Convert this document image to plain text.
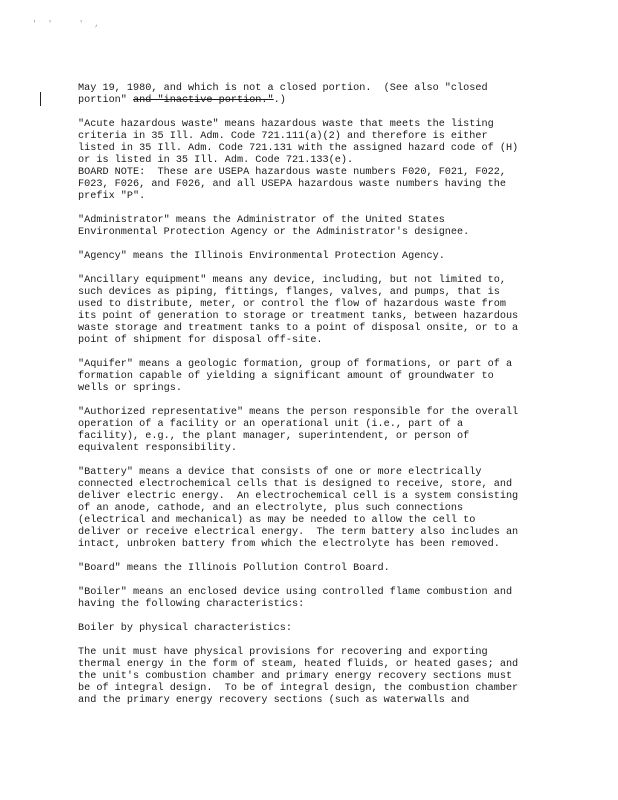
' '   ' ,
May 19, 1980, and which is not a closed portion.  (See also "closed
portion" and "inactive portion.".)
"Acute hazardous waste" means hazardous waste that meets the listing
criteria in 35 Ill. Adm. Code 721.111(a)(2) and therefore is either
listed in 35 Ill. Adm. Code 721.131 with the assigned hazard code of (H)
or is listed in 35 Ill. Adm. Code 721.133(e).
BOARD NOTE:  These are USEPA hazardous waste numbers F020, F021, F022,
F023, F026, and F026, and all USEPA hazardous waste numbers having the
prefix "P".
"Administrator" means the Administrator of the United States
Environmental Protection Agency or the Administrator's designee.
"Agency" means the Illinois Environmental Protection Agency.
"Ancillary equipment" means any device, including, but not limited to,
such devices as piping, fittings, flanges, valves, and pumps, that is
used to distribute, meter, or control the flow of hazardous waste from
its point of generation to storage or treatment tanks, between hazardous
waste storage and treatment tanks to a point of disposal onsite, or to a
point of shipment for disposal off-site.
"Aquifer" means a geologic formation, group of formations, or part of a
formation capable of yielding a significant amount of groundwater to
wells or springs.
"Authorized representative" means the person responsible for the overall
operation of a facility or an operational unit (i.e., part of a
facility), e.g., the plant manager, superintendent, or person of
equivalent responsibility.
"Battery" means a device that consists of one or more electrically
connected electrochemical cells that is designed to receive, store, and
deliver electric energy.  An electrochemical cell is a system consisting
of an anode, cathode, and an electrolyte, plus such connections
(electrical and mechanical) as may be needed to allow the cell to
deliver or receive electrical energy.  The term battery also includes an
intact, unbroken battery from which the electrolyte has been removed.
"Board" means the Illinois Pollution Control Board.
"Boiler" means an enclosed device using controlled flame combustion and
having the following characteristics:
Boiler by physical characteristics:
The unit must have physical provisions for recovering and exporting
thermal energy in the form of steam, heated fluids, or heated gases; and
the unit's combustion chamber and primary energy recovery sections must
be of integral design.  To be of integral design, the combustion chamber
and the primary energy recovery sections (such as waterwalls and
